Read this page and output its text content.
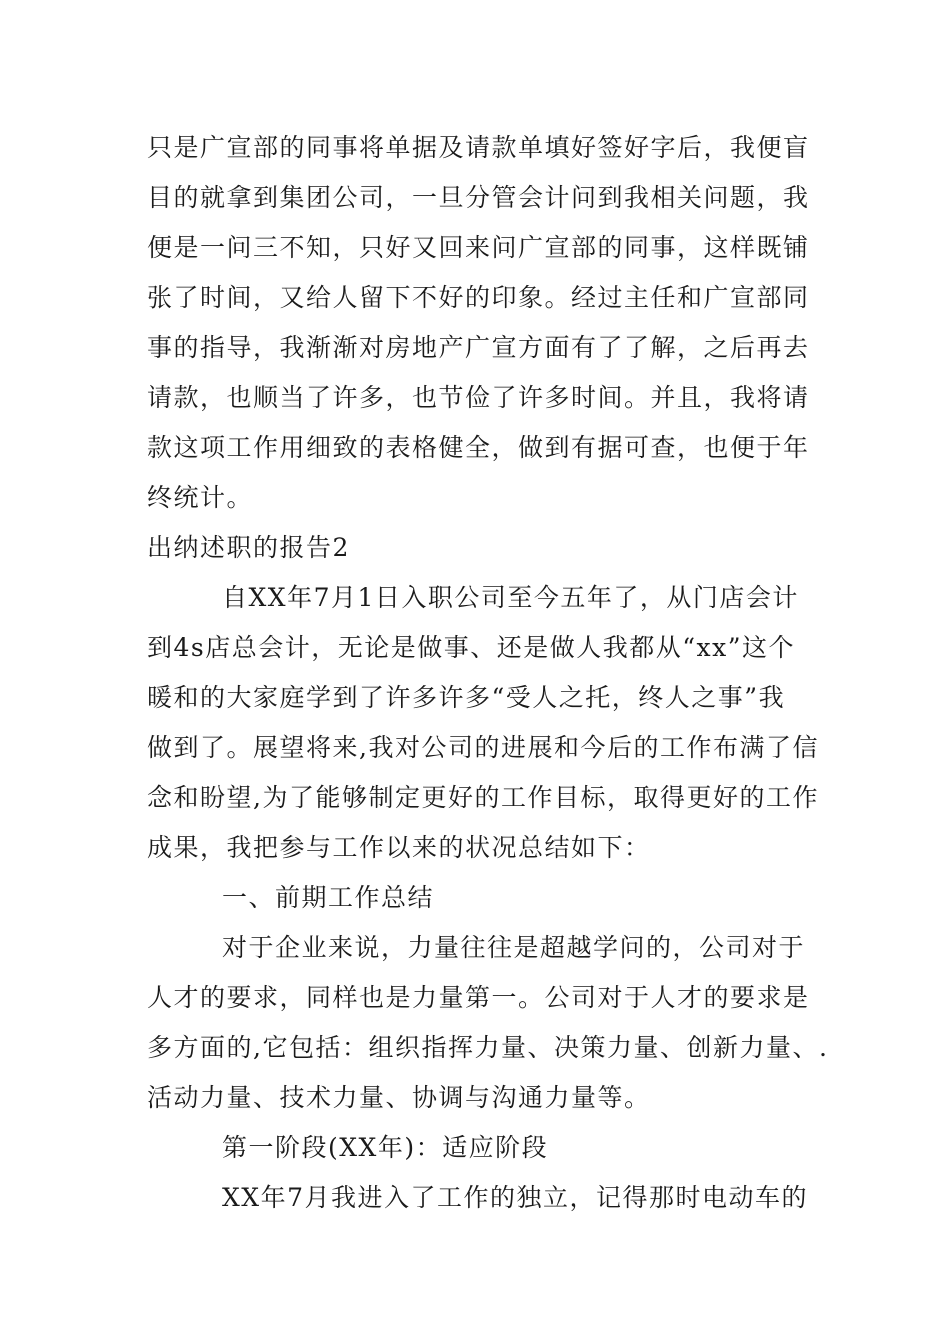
只是广宣部的同事将单据及请款单填好签好字后，我便盲
目的就拿到集团公司，一旦分管会计问到我相关问题，我
便是一问三不知，只好又回来问广宣部的同事，这样既铺
张了时间，又给人留下不好的印象。经过主任和广宣部同
事的指导，我渐渐对房地产广宣方面有了了解，之后再去
请款，也顺当了许多，也节俭了许多时间。并且，我将请
款这项工作用细致的表格健全，做到有据可查，也便于年
终统计。
出纳述职的报告2
自XX年7月1日入职公司至今五年了，从门店会计
到4s店总会计，无论是做事、还是做人我都从“xx”这个
暖和的大家庭学到了许多许多“受人之托，终人之事”我
做到了。展望将来,我对公司的进展和今后的工作布满了信
念和盼望,为了能够制定更好的工作目标，取得更好的工作
成果，我把参与工作以来的状况总结如下：
一、前期工作总结
对于企业来说，力量往往是超越学问的，公司对于
人才的要求，同样也是力量第一。公司对于人才的要求是
多方面的,它包括：组织指挥力量、决策力量、创新力量、.
活动力量、技术力量、协调与沟通力量等。
第一阶段(XX年)：适应阶段
XX年7月我进入了工作的独立，记得那时电动车的
